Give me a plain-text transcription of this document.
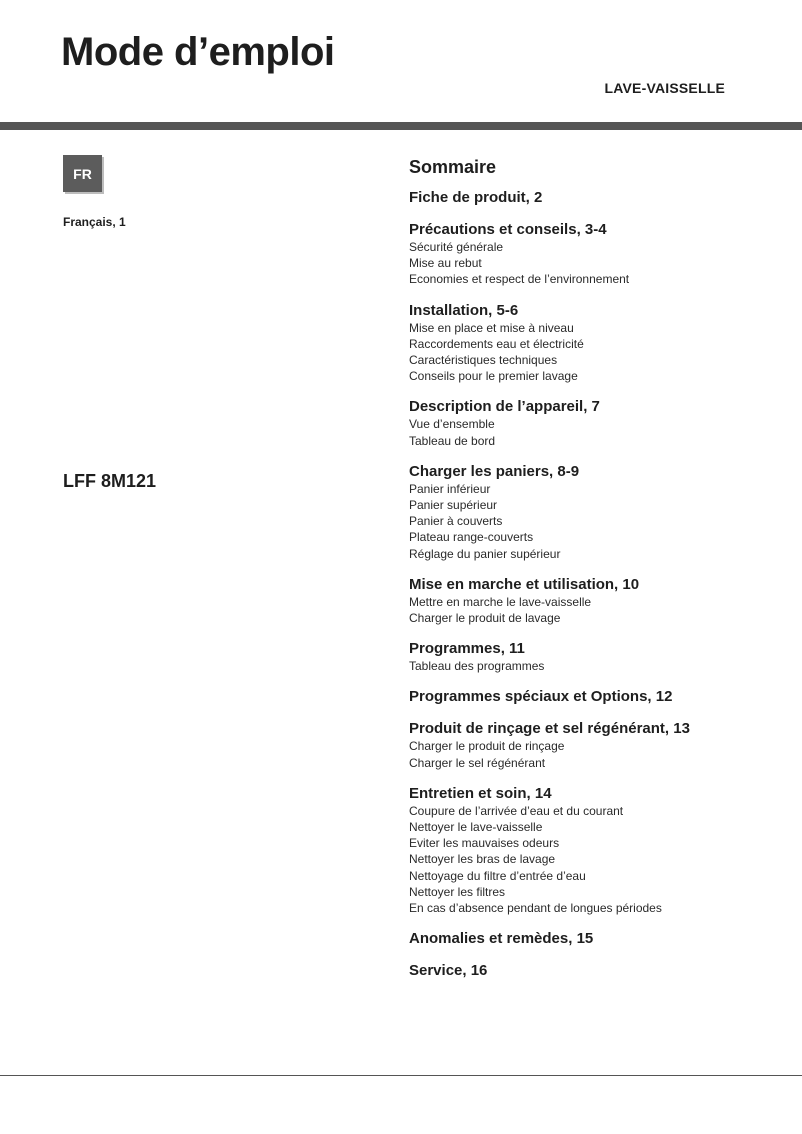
Mode d’emploi
LAVE-VAISSELLE
FR
Français, 1
LFF 8M121
Sommaire
Fiche de produit, 2
Précautions et conseils, 3-4
Sécurité générale
Mise au rebut
Economies et respect de l’environnement
Installation, 5-6
Mise en place et mise à niveau
Raccordements eau et électricité
Caractéristiques techniques
Conseils pour le premier lavage
Description de l’appareil, 7
Vue d’ensemble
Tableau de bord
Charger les paniers, 8-9
Panier inférieur
Panier supérieur
Panier à couverts
Plateau range-couverts
Réglage du panier supérieur
Mise en marche et utilisation, 10
Mettre en marche le lave-vaisselle
Charger le produit de lavage
Programmes, 11
Tableau des programmes
Programmes spéciaux et Options, 12
Produit de rinçage et sel régénérant, 13
Charger le produit de rinçage
Charger le sel régénérant
Entretien et soin, 14
Coupure de l’arrivée d’eau et du courant
Nettoyer le lave-vaisselle
Eviter les mauvaises odeurs
Nettoyer les bras de lavage
Nettoyage du filtre d’entrée d’eau
Nettoyer les filtres
En cas d’absence pendant de longues périodes
Anomalies et remèdes, 15
Service, 16
